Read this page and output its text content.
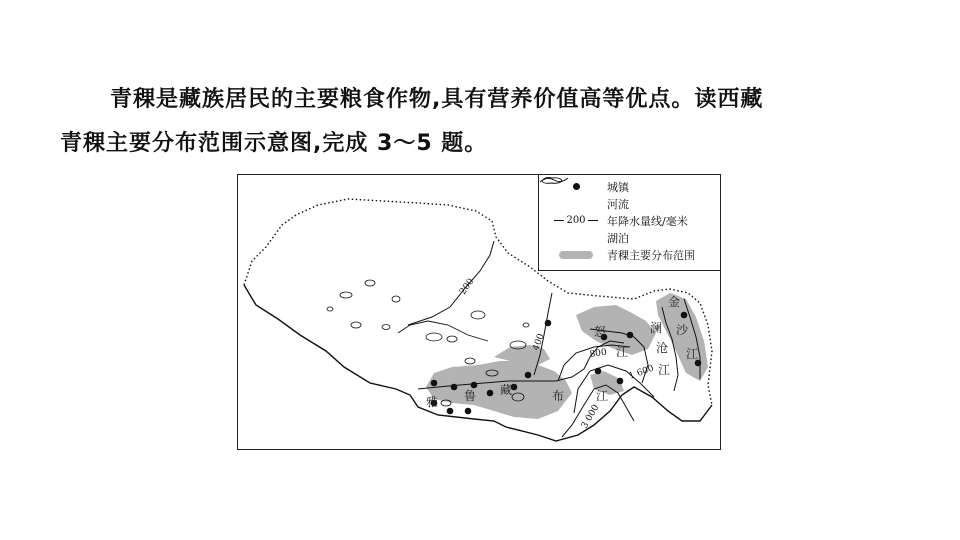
青稞是藏族居民的主要粮食作物,具有营养价值高等优点。读西藏
青稞主要分布范围示意图,完成 3～5 题。
200
400
800
1 600
3 000
雅 鲁 藏	布	江
怒
江
澜
沧
江
金
沙
江
城镇
河流
200 年降水量线/毫米
湖泊
青稞主要分布范围
